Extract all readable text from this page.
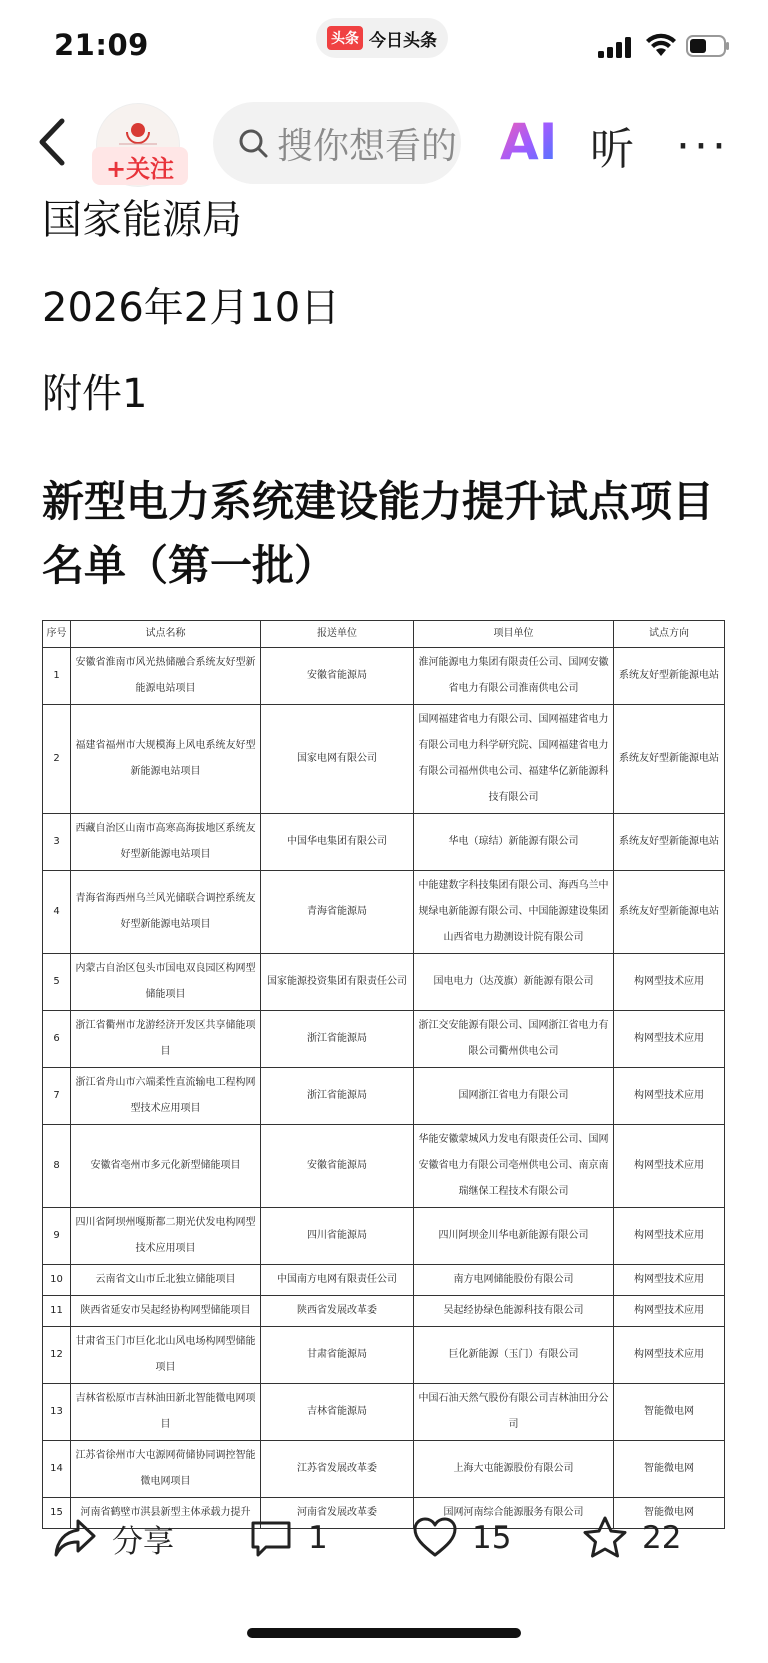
21:09	头条 今日头条
+关注
搜你想看的 AI 听 ···
国家能源局
2026年2月10日
附件1
新型电力系统建设能力提升试点项目名单（第一批）
序号	试点名称	报送单位	项目单位	试点方向
1	安徽省淮南市风光热储融合系统友好型新能源电站项目	安徽省能源局	淮河能源电力集团有限责任公司、国网安徽省电力有限公司淮南供电公司	系统友好型新能源电站
2	福建省福州市大规模海上风电系统友好型新能源电站项目	国家电网有限公司	国网福建省电力有限公司、国网福建省电力有限公司电力科学研究院、国网福建省电力有限公司福州供电公司、福建华亿新能源科技有限公司	系统友好型新能源电站
3	西藏自治区山南市高寒高海拔地区系统友好型新能源电站项目	中国华电集团有限公司	华电（琼结）新能源有限公司	系统友好型新能源电站
4	青海省海西州乌兰风光储联合调控系统友好型新能源电站项目	青海省能源局	中能建数字科技集团有限公司、海西乌兰中规绿电新能源有限公司、中国能源建设集团山西省电力勘测设计院有限公司	系统友好型新能源电站
5	内蒙古自治区包头市国电双良园区构网型储能项目	国家能源投资集团有限责任公司	国电电力（达茂旗）新能源有限公司	构网型技术应用
6	浙江省衢州市龙游经济开发区共享储能项目	浙江省能源局	浙江交安能源有限公司、国网浙江省电力有限公司衢州供电公司	构网型技术应用
7	浙江省舟山市六端柔性直流输电工程构网型技术应用项目	浙江省能源局	国网浙江省电力有限公司	构网型技术应用
8	安徽省亳州市多元化新型储能项目	安徽省能源局	华能安徽蒙城风力发电有限责任公司、国网安徽省电力有限公司亳州供电公司、南京南瑞继保工程技术有限公司	构网型技术应用
9	四川省阿坝州嘎斯都二期光伏发电构网型技术应用项目	四川省能源局	四川阿坝金川华电新能源有限公司	构网型技术应用
10	云南省文山市丘北独立储能项目	中国南方电网有限责任公司	南方电网储能股份有限公司	构网型技术应用
11	陕西省延安市吴起经协构网型储能项目	陕西省发展改革委	吴起经协绿色能源科技有限公司	构网型技术应用
12	甘肃省玉门市巨化北山风电场构网型储能项目	甘肃省能源局	巨化新能源（玉门）有限公司	构网型技术应用
13	吉林省松原市吉林油田新北智能微电网项目	吉林省能源局	中国石油天然气股份有限公司吉林油田分公司	智能微电网
14	江苏省徐州市大屯源网荷储协同调控智能微电网项目	江苏省发展改革委	上海大屯能源股份有限公司	智能微电网
15	河南省鹤壁市淇县新型主体承载力提升	河南省发展改革委	国网河南综合能源服务有限公司	智能微电网
分享	1	15	22
